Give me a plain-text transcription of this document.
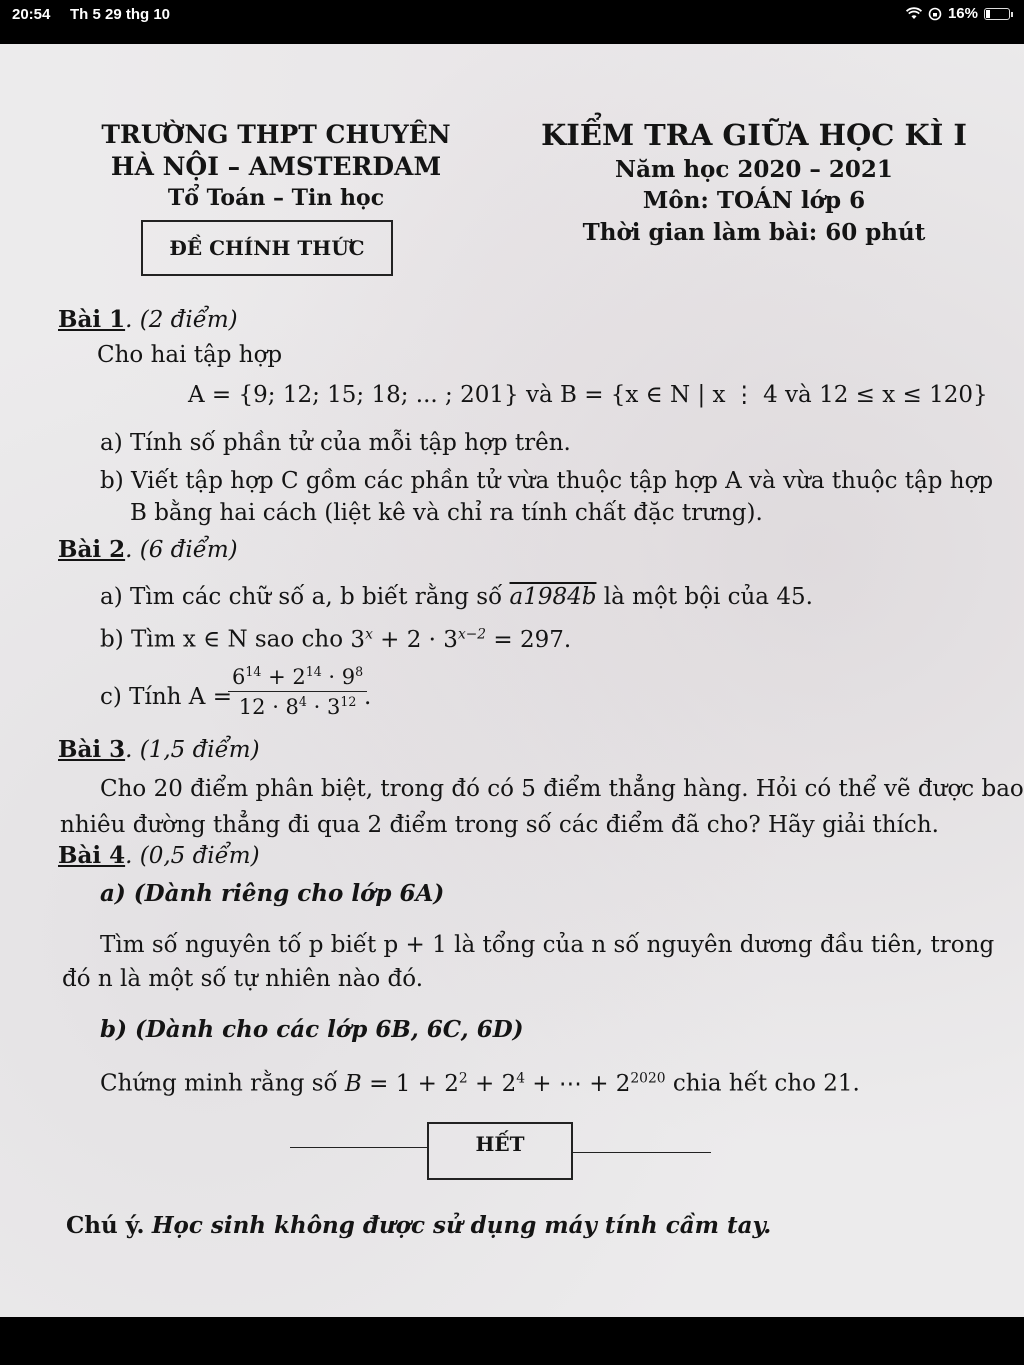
20:54 Th 5 29 thg 10	16%
TRƯỜNG THPT CHUYÊN
HÀ NỘI – AMSTERDAM
Tổ Toán – Tin học
ĐỀ CHÍNH THỨC
KIỂM TRA GIỮA HỌC KÌ I
Năm học 2020 – 2021
Môn: TOÁN lớp 6
Thời gian làm bài: 60 phút
Bài 1. (2 điểm)
Cho hai tập hợp
A = {9; 12; 15; 18; ... ; 201} và B = {x ∈ N | x ⋮ 4 và 12 ≤ x ≤ 120}
a) Tính số phần tử của mỗi tập hợp trên.
b) Viết tập hợp C gồm các phần tử vừa thuộc tập hợp A và vừa thuộc tập hợp
B bằng hai cách (liệt kê và chỉ ra tính chất đặc trưng).
Bài 2. (6 điểm)
a) Tìm các chữ số a, b biết rằng số a1984b là một bội của 45.
b) Tìm x ∈ N sao cho $3^x + 2 \cdot 3^{x-2} = 297$.
c) Tính A =
$\frac{6^{14} + 2^{14} \cdot 9^8}{12 \cdot 8^4 \cdot 3^{12}}$
.
Bài 3. (1,5 điểm)
Cho 20 điểm phân biệt, trong đó có 5 điểm thẳng hàng. Hỏi có thể vẽ được bao
nhiêu đường thẳng đi qua 2 điểm trong số các điểm đã cho? Hãy giải thích.
Bài 4. (0,5 điểm)
a) (Dành riêng cho lớp 6A)
Tìm số nguyên tố p biết p + 1 là tổng của n số nguyên dương đầu tiên, trong
đó n là một số tự nhiên nào đó.
b) (Dành cho các lớp 6B, 6C, 6D)
Chứng minh rằng số $B = 1 + 2^2 + 2^4$ + ⋯ + $2^{2020}$ chia hết cho 21.
HẾT
Chú ý. Học sinh không được sử dụng máy tính cầm tay.
